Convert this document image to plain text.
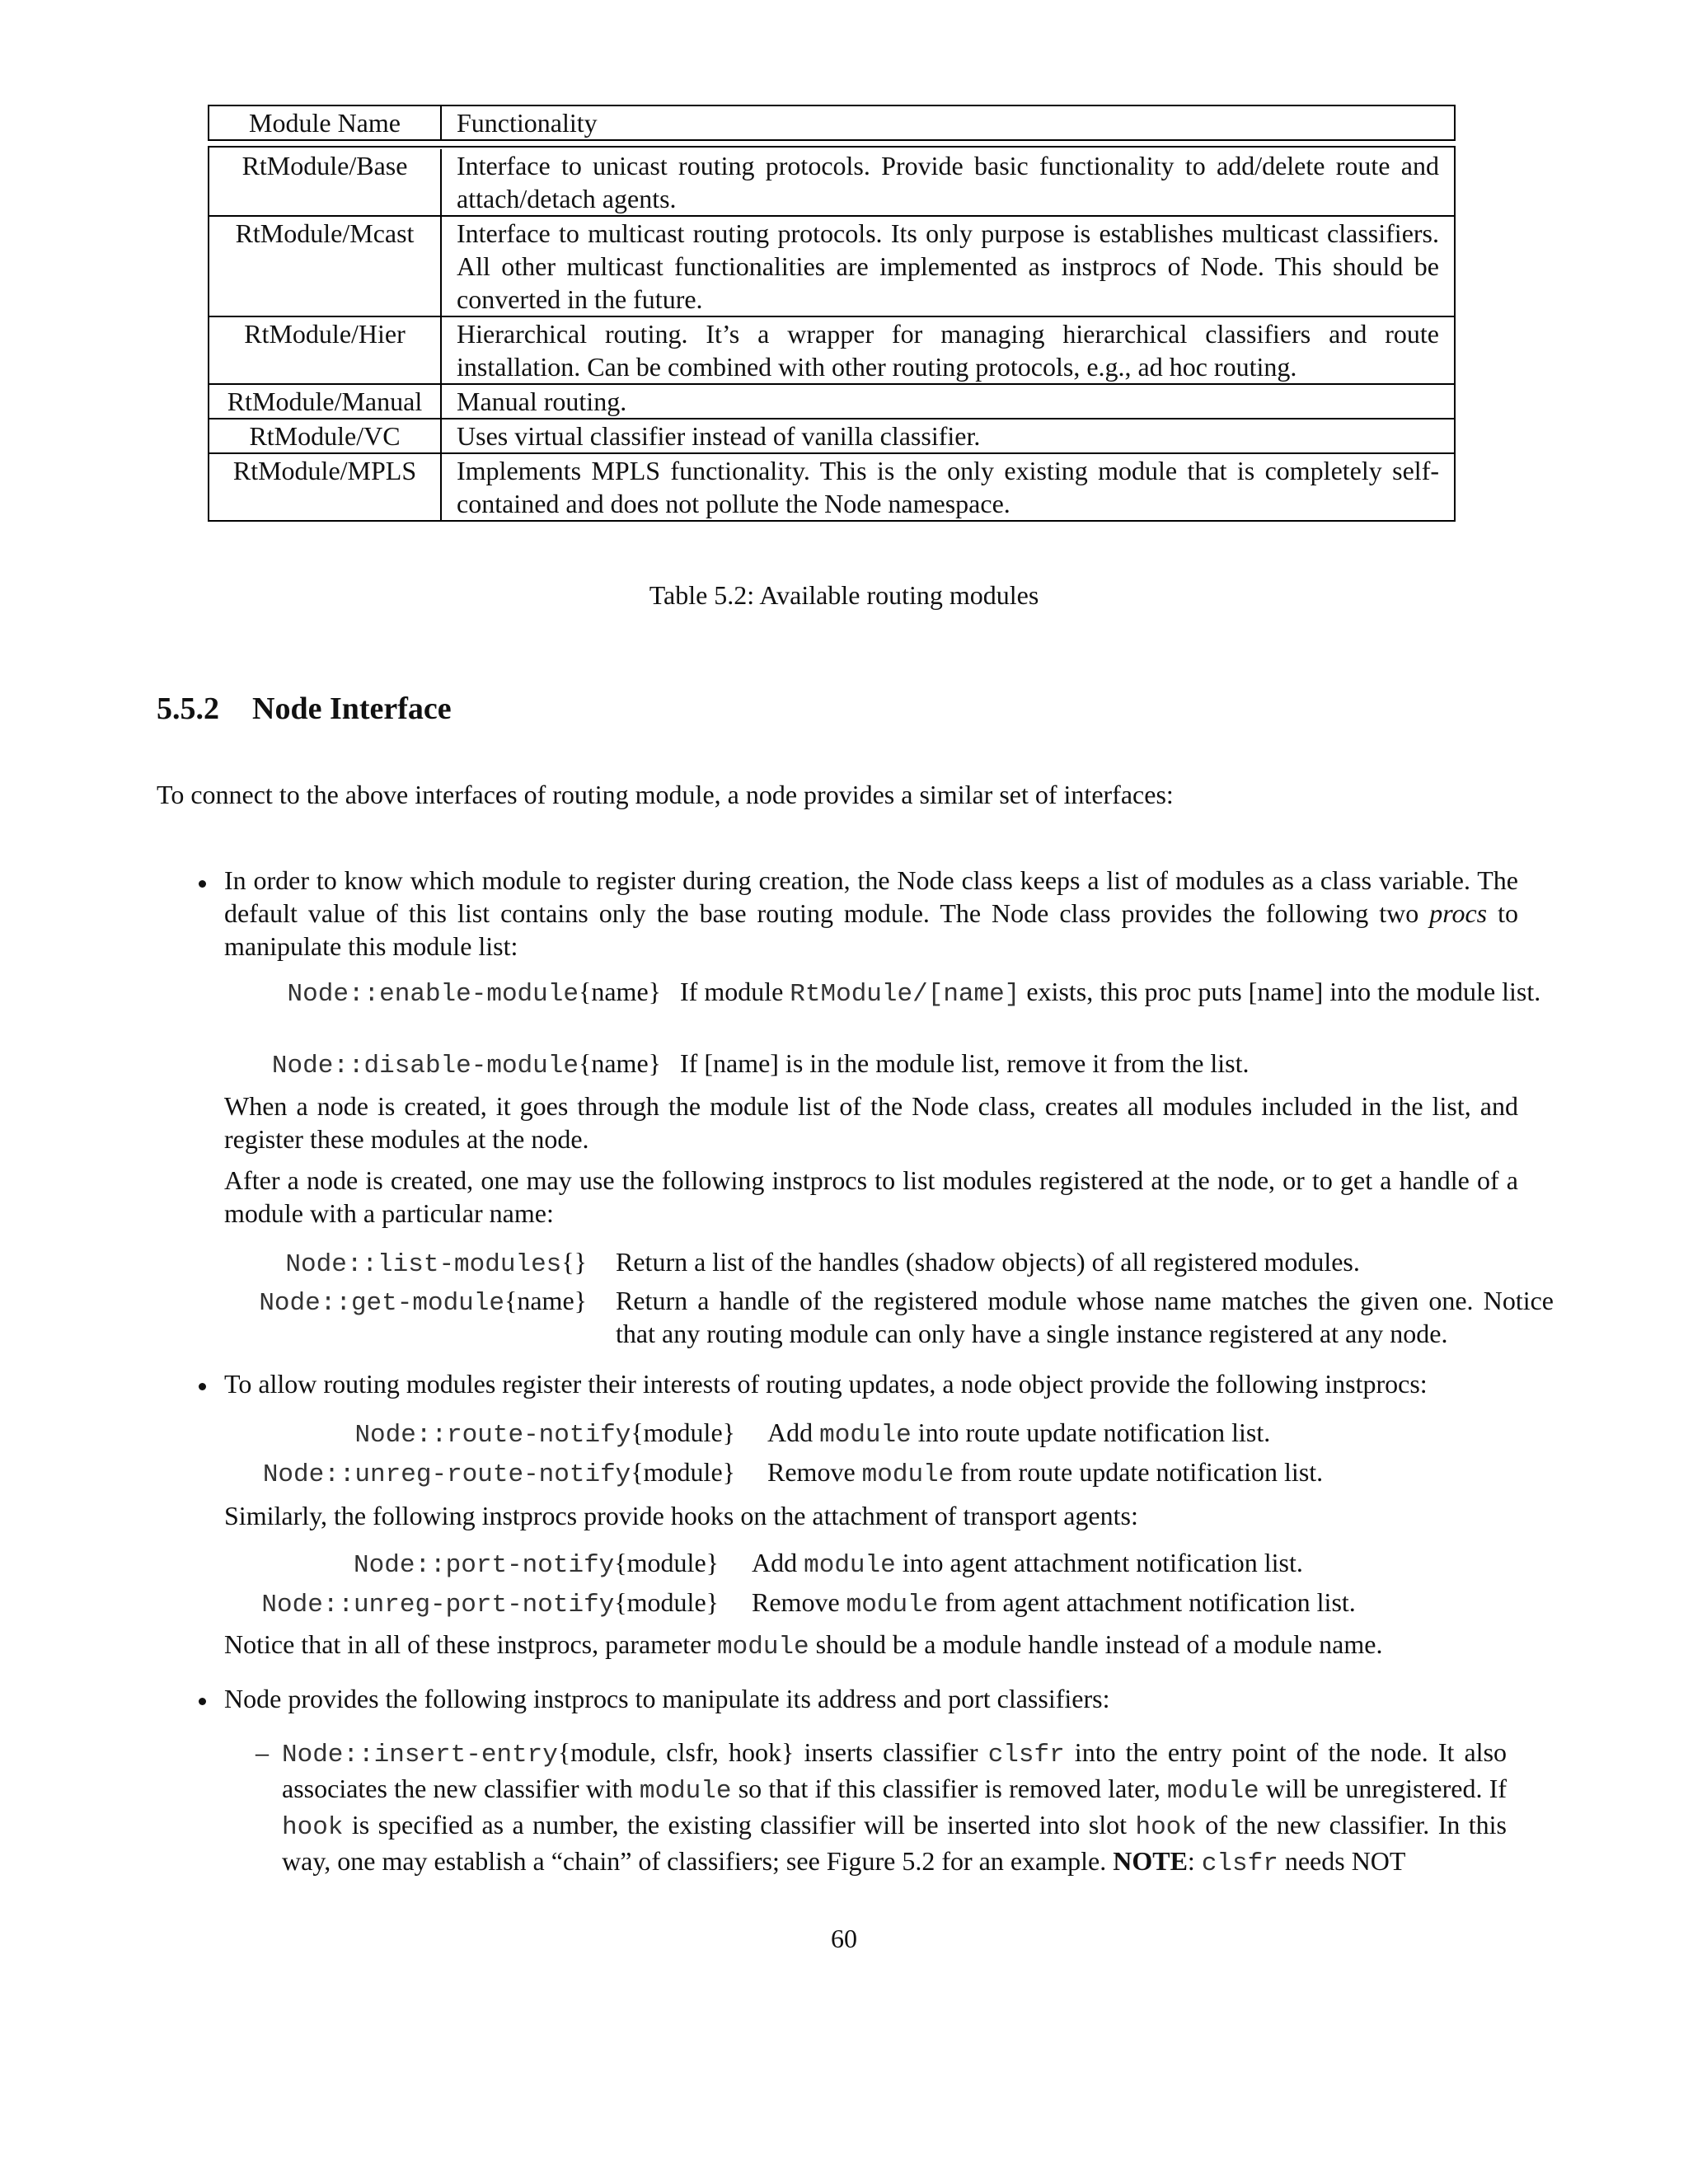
Module Name	Functionality
RtModule/Base	Interface to unicast routing protocols. Provide basic functionality to add/delete route and attach/detach agents.
RtModule/Mcast	Interface to multicast routing protocols. Its only purpose is establishes multicast classifiers. All other multicast functionalities are implemented as instprocs of Node. This should be converted in the future.
RtModule/Hier	Hierarchical routing. It’s a wrapper for managing hierarchical classifiers and route installation. Can be combined with other routing protocols, e.g., ad hoc routing.
RtModule/Manual	Manual routing.
RtModule/VC	Uses virtual classifier instead of vanilla classifier.
RtModule/MPLS	Implements MPLS functionality. This is the only existing module that is completely self-contained and does not pollute the Node namespace.
Table 5.2: Available routing modules
5.5.2 Node Interface
To connect to the above interfaces of routing module, a node provides a similar set of interfaces:
In order to know which module to register during creation, the Node class keeps a list of modules as a class variable. The default value of this list contains only the base routing module. The Node class provides the following two procs to manipulate this module list:
Node::enable-module{name} If module RtModule/[name] exists, this proc puts [name] into the module list.
Node::disable-module{name} If [name] is in the module list, remove it from the list.
When a node is created, it goes through the module list of the Node class, creates all modules included in the list, and register these modules at the node.
After a node is created, one may use the following instprocs to list modules registered at the node, or to get a handle of a module with a particular name:
Node::list-modules{} Return a list of the handles (shadow objects) of all registered modules.
Node::get-module{name} Return a handle of the registered module whose name matches the given one. Notice that any routing module can only have a single instance registered at any node.
To allow routing modules register their interests of routing updates, a node object provide the following instprocs:
Node::route-notify{module} Add module into route update notification list.
Node::unreg-route-notify{module} Remove module from route update notification list.
Similarly, the following instprocs provide hooks on the attachment of transport agents:
Node::port-notify{module} Add module into agent attachment notification list.
Node::unreg-port-notify{module} Remove module from agent attachment notification list.
Notice that in all of these instprocs, parameter module should be a module handle instead of a module name.
Node provides the following instprocs to manipulate its address and port classifiers:
– Node::insert-entry{module, clsfr, hook} inserts classifier clsfr into the entry point of the node. It also associates the new classifier with module so that if this classifier is removed later, module will be unregistered. If hook is specified as a number, the existing classifier will be inserted into slot hook of the new classifier. In this way, one may establish a “chain” of classifiers; see Figure 5.2 for an example. NOTE: clsfr needs NOT
60
